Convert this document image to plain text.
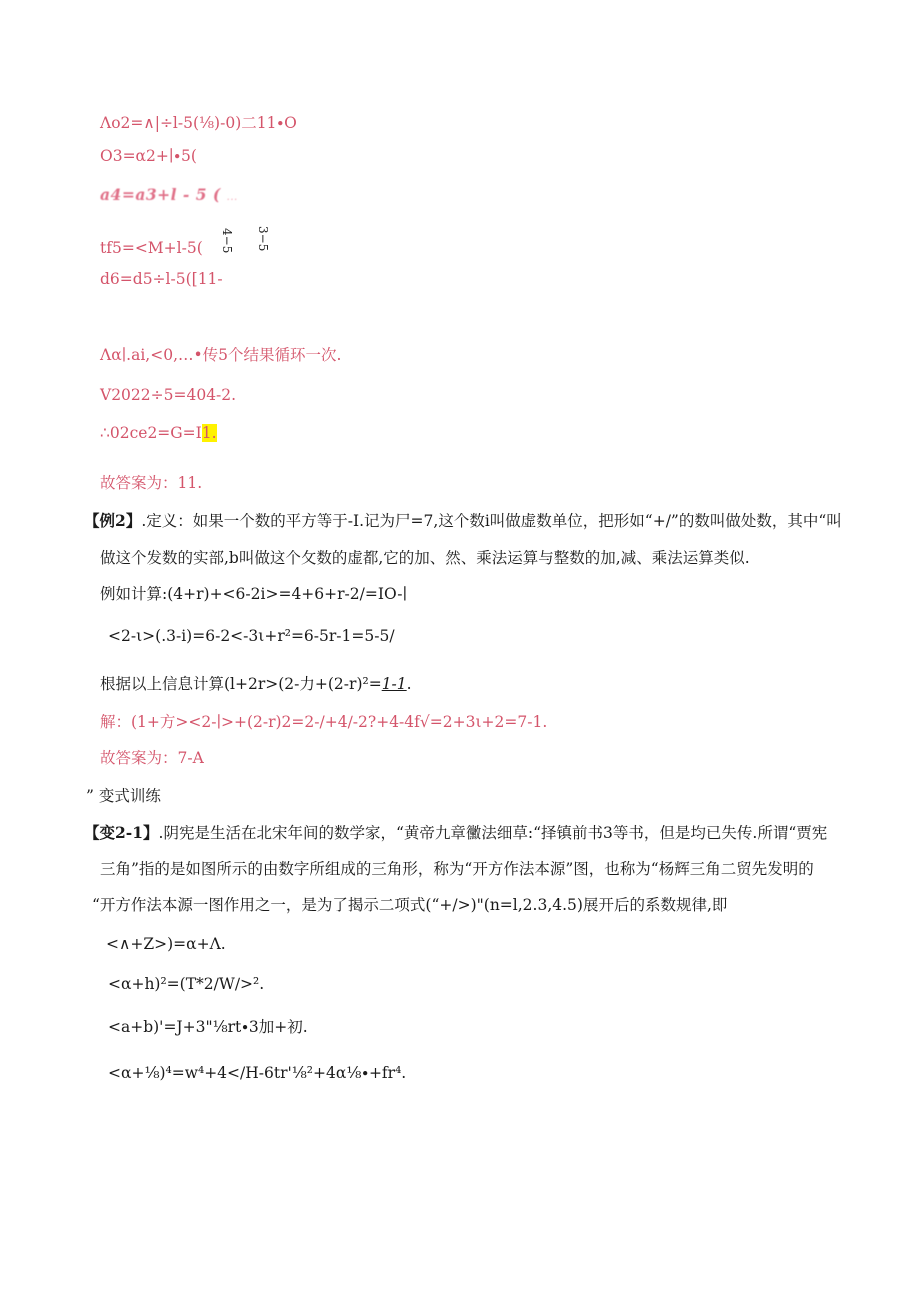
Λo2=∧|÷l-5(⅛)-0)二11∙O
O3=α2+∣∙5(
a4=a3+l - 5 ( ...
tf5=<M+l-5( 4−5 3−5
d6=d5÷l-5([11-
Λα∣.ai,<0,…•传5个结果循环一次.
V2022÷5=404-2.
∴02ce2=G=I1.
故答案为：11.
【例2】.定义：如果一个数的平方等于-I.记为尸=7,这个数i叫做虚数单位，把形如“+/”的数叫做处数，其中“叫
做这个发数的实部,b叫做这个攵数的虚都,它的加、然、乘法运算与整数的加,减、乘法运算类似.
例如计算:(4+r)+<6-2i>=4+6+r-2/=IO-∣
<2-ι>(.3-i)=6-2<-3ι+r²=6-5r-1=5-5/
根据以上信息计算(l+2r>(2-力+(2-r)²=1-1.
解：(1+方><2-∣>+(2-r)2=2-/+4∕-2?+4-4f√=2+3ι+2=7-1.
故答案为：7-A
” 变式训练
【变2-1】.阴宪是生活在北宋年间的数学家，“黄帝九章黴法细草:“择镇前书3等书，但是均已失传.所谓“贾宪
三角”指的是如图所示的由数字所组成的三角形，称为“开方作法本源”图，也称为“杨辉三角二贸先发明的
“开方作法本源一图作用之一，是为了揭示二项式(“+/>)"(n=l,2.3,4.5)展开后的系数规律,即
<∧+Z>)=α+Λ.
<α+h)²=(T*2∕W∕>².
<a+b)'=J+3"⅛rt∙3加+初.
<α+⅛)⁴=w⁴+4</H-6tr'⅛²+4α⅛∙+fr⁴.
